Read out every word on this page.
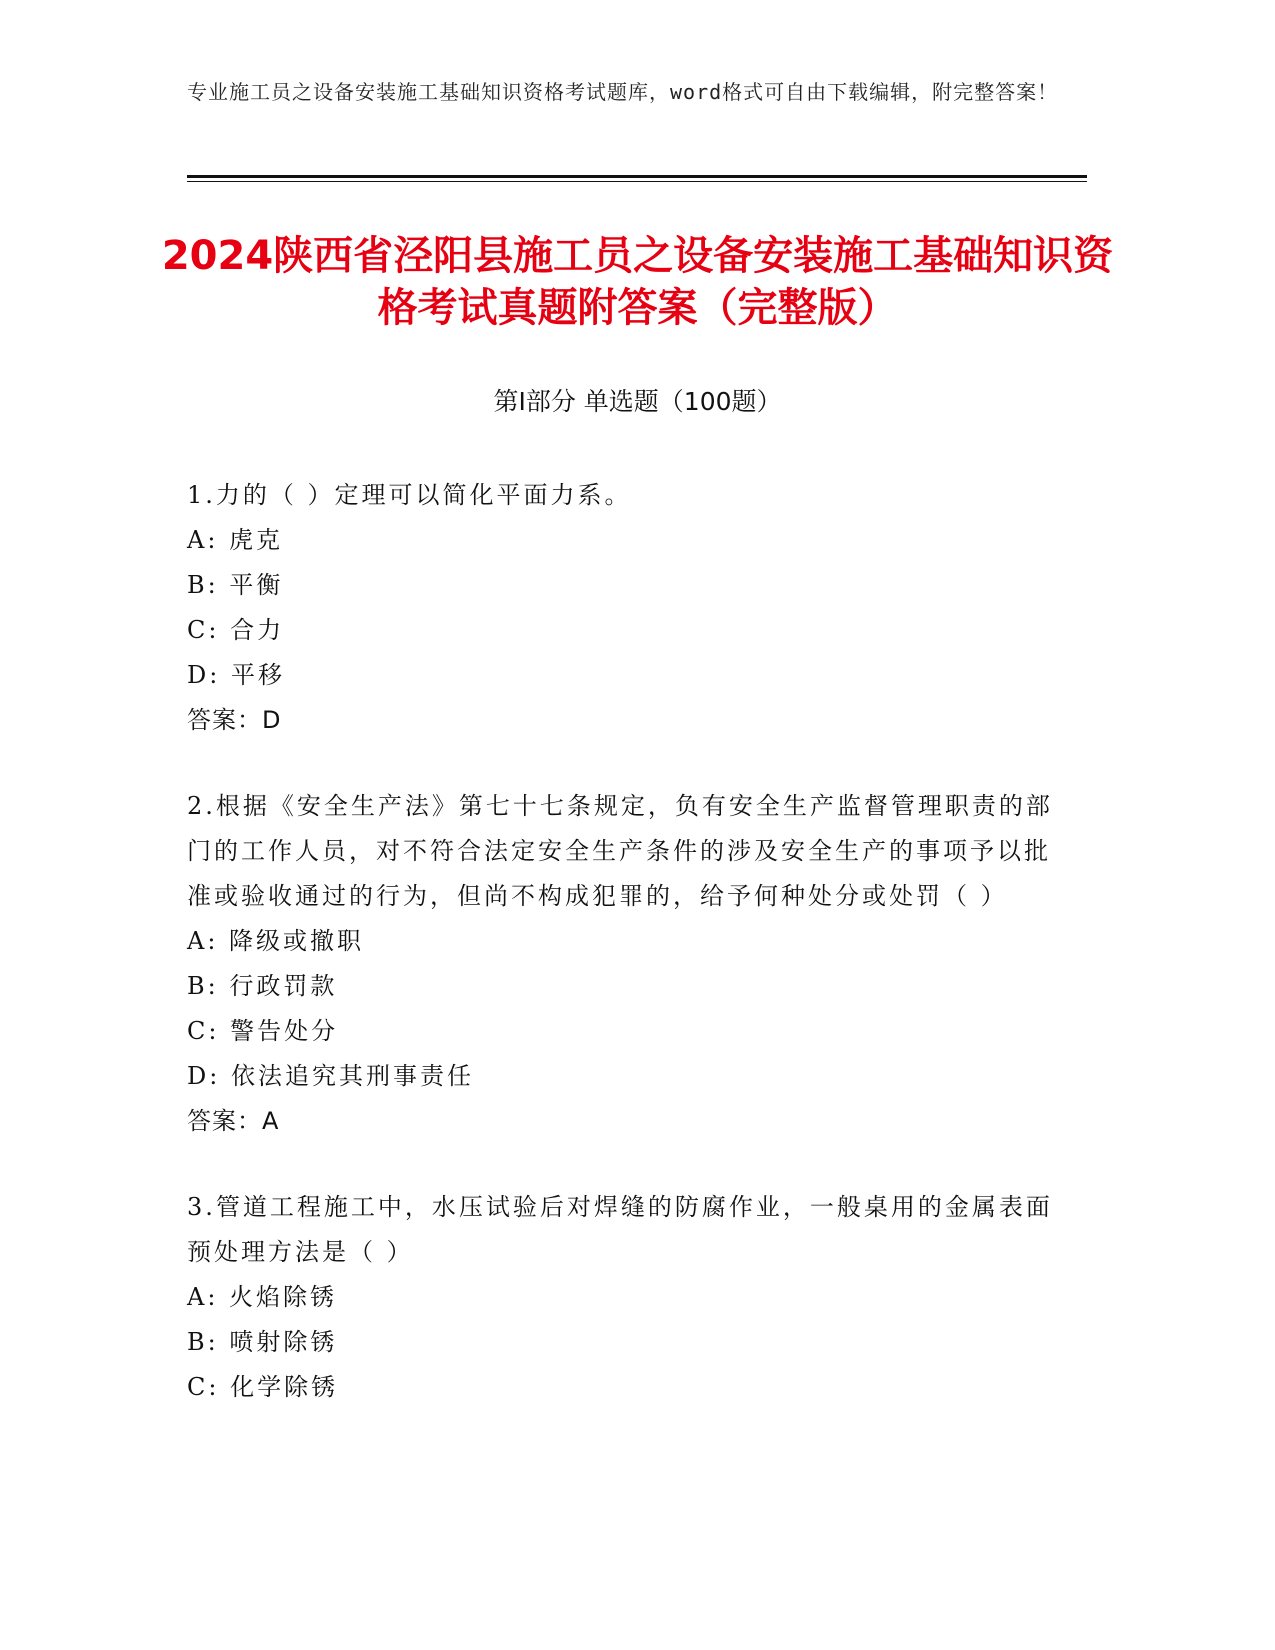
专业施工员之设备安装施工基础知识资格考试题库，word格式可自由下载编辑，附完整答案！
2024陕西省泾阳县施工员之设备安装施工基础知识资格考试真题附答案（完整版）
第Ⅰ部分 单选题（100题）
1.力的（ ）定理可以简化平面力系。
A: 虎克
B: 平衡
C: 合力
D: 平移
答案：D
2.根据《安全生产法》第七十七条规定，负有安全生产监督管理职责的部门的工作人员，对不符合法定安全生产条件的涉及安全生产的事项予以批准或验收通过的行为，但尚不构成犯罪的，给予何种处分或处罚（ ）
A: 降级或撤职
B: 行政罚款
C: 警告处分
D: 依法追究其刑事责任
答案：A
3.管道工程施工中，水压试验后对焊缝的防腐作业，一般桌用的金属表面预处理方法是（ ）
A: 火焰除锈
B: 喷射除锈
C: 化学除锈
